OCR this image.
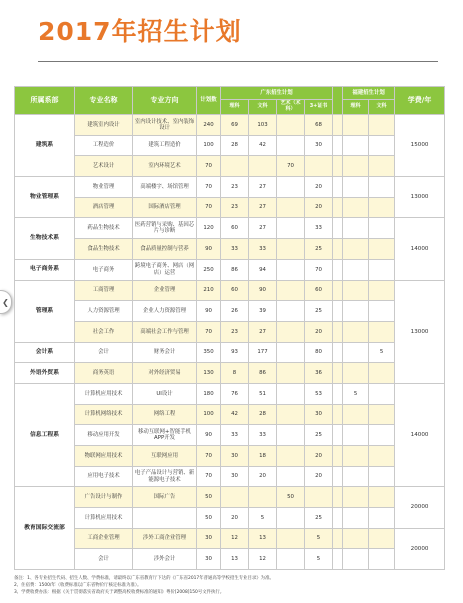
2017年招生计划
❮
所属系部	专业名称	专业方向	计划数	广东招生计划					福建招生计划		学费/年
				理科	文科	艺术（术科）	3+证书		理科	文科	
建筑系	建筑室内设计	室内设计技术、室内装饰设计	240	69	103		68				15000
	工程造价	建筑工程造价	100	28	42		30				
	艺术设计	室内环境艺术	70			70					
物业管理系	物业管理	高端楼宇、场馆管理	70	23	27		20				13000
	酒店管理	国际酒店管理	70	23	27		20				
生物技术系	药品生物技术	医药营销与采购、基因芯片与诊断	120	60	27		33				14000
	食品生物技术	食品质量控制与营养	90	33	33		25				
电子商务系	电子商务	跨境电子商务、网店（网店）运营	250	86	94		70				
管理系	工商管理	企业管理	210	60	90		60				13000
	人力资源管理	企业人力资源管理	90	26	39		25				
	社会工作	高端社会工作与管理	70	23	27		20				
会计系	会计	财务会计	350	93	177		80			5	
外语外贸系	商务英语	对外经济贸易	130	8	86		36				
信息工程系	计算机应用技术	UI设计	180	76	51		53		5		14000
	计算机网络技术	网络工程	100	42	28		30				
	移动应用开发	移动互联网+智能手机APP开发	90	33	33		25				
	物联网应用技术	互联网应用	70	30	18		20				
	应用电子技术	电子产品设计与营销、新能源电子技术	70	30	20		20				
教育国际交流部	广告设计与制作	国际广告	50			50					20000
	计算机应用技术		50	20	5		25				
	工商企业管理	涉外工商企业管理	30	12	13		5				20000
	会计	涉外会计	30	13	12		5				
备注：1、各专业招生代码、招生人数、学费标准，请最终以广东省教育厅下达的《广东省2017年普通高等学校招生专业目录》为准。
2、住宿费：1500/年（收费标准以广东省物价厅核定标准为准）。
3、学费收费办法：根据《关于贯彻落实省政府关于调整高校收费标准的通知》粤价[2008]150号文件执行。
